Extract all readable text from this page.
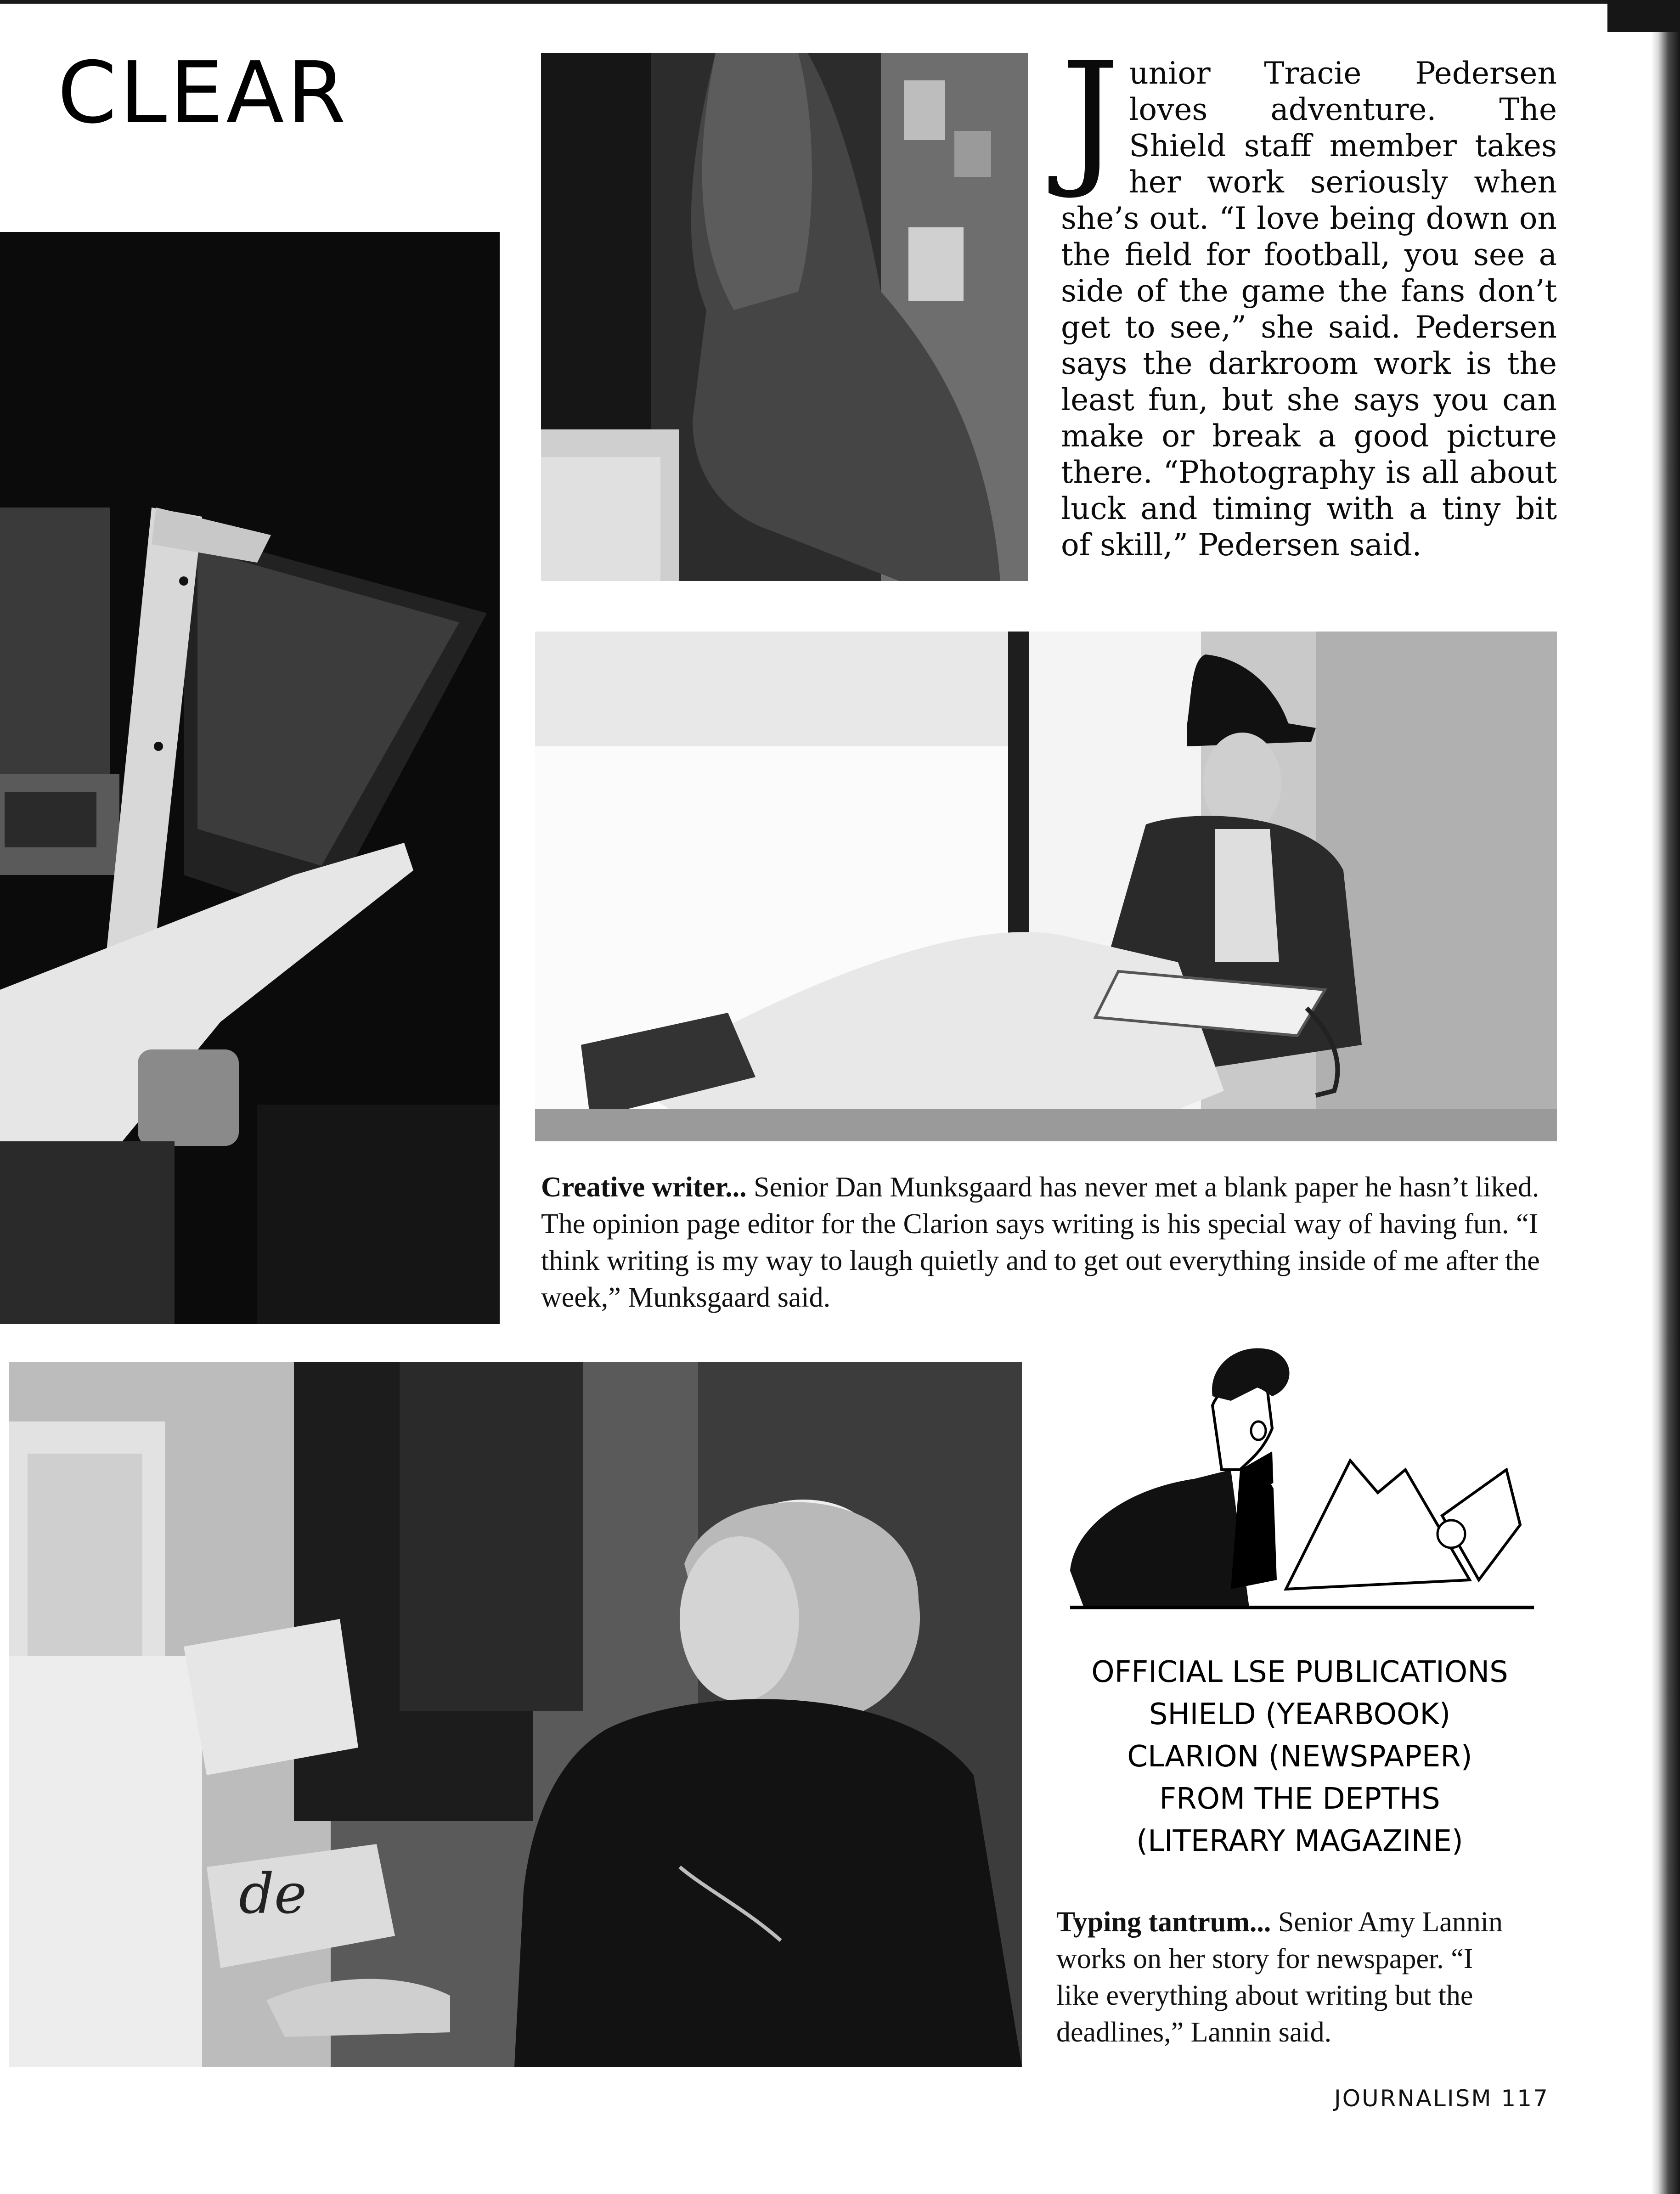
CLEAR	Junior Tracie Pedersen loves adventure. The Shield staff member takes her work seriously when she’s out. “I love being down on the field for football, you see a side of the game the fans don’t get to see,” she said. Pedersen says the darkroom work is the least fun, but she says you can make or break a good picture there. “Photography is all about luck and timing with a tiny bit of skill,” Pedersen said.
Creative writer... Senior Dan Munksgaard has never met a blank paper he hasn’t liked. The opinion page editor for the Clarion says writing is his special way of having fun. “I think writing is my way to laugh quietly and to get out everything inside of me after the week,” Munksgaard said.
de
OFFICIAL LSE PUBLICATIONS
SHIELD (YEARBOOK)
CLARION (NEWSPAPER)
FROM THE DEPTHS
(LITERARY MAGAZINE)
Typing tantrum... Senior Amy Lannin works on her story for newspaper. “I like everything about writing but the deadlines,” Lannin said.
JOURNALISM 117
